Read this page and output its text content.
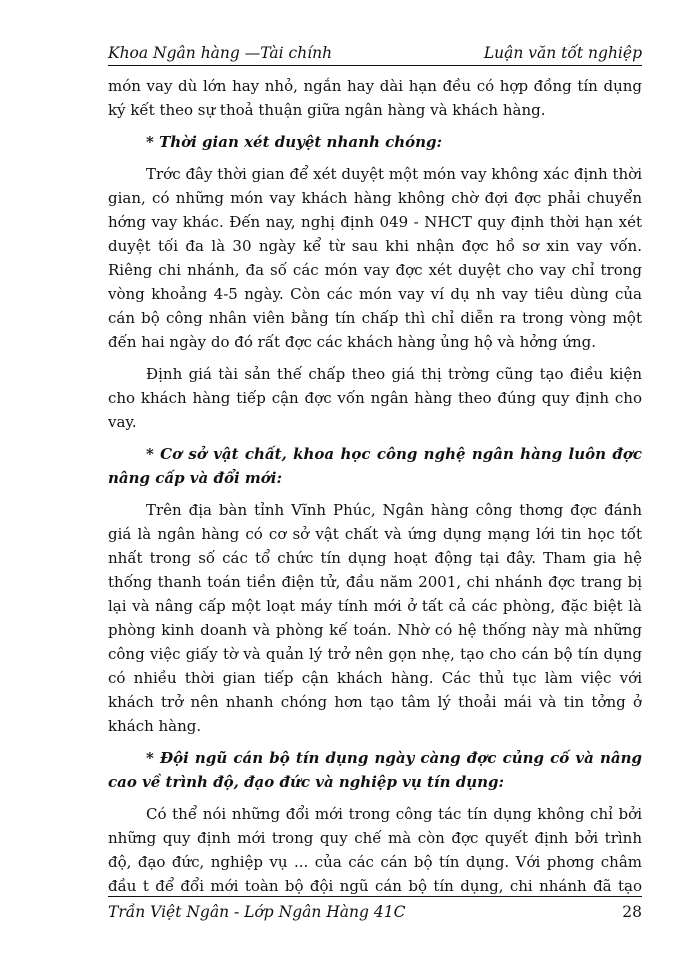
Khoa Ngân hàng —Tài chính	Luận văn tốt nghiệp

món vay dù lớn hay nhỏ, ngắn hay dài hạn đều có hợp đồng tín dụng ký kết theo sự thoả thuận giữa ngân hàng và khách hàng.

* Thời gian xét duyệt nhanh chóng:

Trớc đây thời gian để xét duyệt một món vay không xác định thời gian, có những món vay khách hàng không chờ đợi đợc phải chuyển hớng vay khác. Đến nay, nghị định 049 - NHCT quy định thời hạn xét duyệt tối đa là 30 ngày kể từ sau khi nhận đợc hồ sơ xin vay vốn. Riêng chi nhánh, đa số các món vay đợc xét duyệt cho vay chỉ trong vòng khoảng 4-5 ngày. Còn các món vay ví dụ nh vay tiêu dùng của cán bộ công nhân viên bằng tín chấp thì chỉ diễn ra trong vòng một đến hai ngày do đó rất đợc các khách hàng ủng hộ và hởng ứng.

Định giá tài sản thế chấp theo giá thị trờng cũng tạo điều kiện cho khách hàng tiếp cận đợc vốn ngân hàng theo đúng quy định cho vay.

* Cơ sở vật chất, khoa học công nghệ ngân hàng luôn đợc nâng cấp và đổi mới:

Trên địa bàn tỉnh Vĩnh Phúc, Ngân hàng công thơng đợc đánh giá là ngân hàng có cơ sở vật chất và ứng dụng mạng lới tin học tốt nhất trong số các tổ chức tín dụng hoạt động tại đây. Tham gia hệ thống thanh toán tiền điện tử, đầu năm 2001, chi nhánh đợc trang bị lại và nâng cấp một loạt máy tính mới ở tất cả các phòng, đặc biệt là phòng kinh doanh và phòng kế toán. Nhờ có hệ thống này mà những công việc giấy tờ và quản lý trở nên gọn nhẹ, tạo cho cán bộ tín dụng có nhiều thời gian tiếp cận khách hàng. Các thủ tục làm việc với khách trở nên nhanh chóng hơn tạo tâm lý thoải mái và tin tởng ở khách hàng.

* Đội ngũ cán bộ tín dụng ngày càng đợc củng cố và nâng cao về trình độ, đạo đức và nghiệp vụ tín dụng:

Có thể nói những đổi mới trong công tác tín dụng không chỉ bởi những quy định mới trong quy chế mà còn đợc quyết định bởi trình độ, đạo đức, nghiệp vụ ... của các cán bộ tín dụng. Với phơng châm đầu t để đổi mới toàn bộ đội ngũ cán bộ tín dụng, chi nhánh đã tạo

Trần Việt Ngân - Lớp Ngân Hàng 41C	28
